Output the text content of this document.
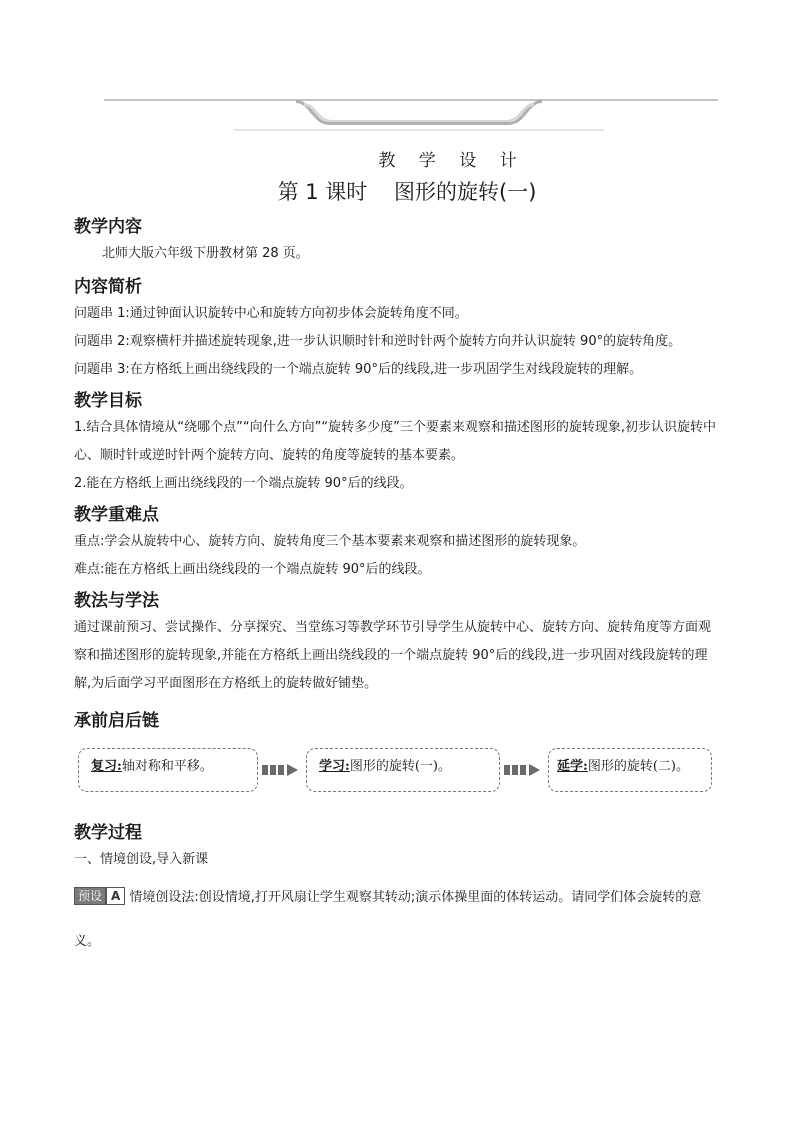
教 学 设 计
第 1 课时    图形的旋转(一)
教学内容

北师大版六年级下册教材第 28 页。

内容简析

问题串 1:通过钟面认识旋转中心和旋转方向初步体会旋转角度不同。

问题串 2:观察横杆并描述旋转现象,进一步认识顺时针和逆时针两个旋转方向并认识旋转 90°的旋转角度。

问题串 3:在方格纸上画出绕线段的一个端点旋转 90°后的线段,进一步巩固学生对线段旋转的理解。

教学目标

1.结合具体情境从“绕哪个点”“向什么方向”“旋转多少度”三个要素来观察和描述图形的旋转现象,初步认识旋转中心、顺时针或逆时针两个旋转方向、旋转的角度等旋转的基本要素。

2.能在方格纸上画出绕线段的一个端点旋转 90°后的线段。

教学重难点

重点:学会从旋转中心、旋转方向、旋转角度三个基本要素来观察和描述图形的旋转现象。

难点:能在方格纸上画出绕线段的一个端点旋转 90°后的线段。

教法与学法

通过课前预习、尝试操作、分享探究、当堂练习等教学环节引导学生从旋转中心、旋转方向、旋转角度等方面观察和描述图形的旋转现象,并能在方格纸上画出绕线段的一个端点旋转 90°后的线段,进一步巩固对线段旋转的理解,为后面学习平面图形在方格纸上的旋转做好铺垫。

承前启后链
复习:轴对称和平移。	学习:图形的旋转(一)。	延学:图形的旋转(二)。
教学过程

一、情境创设,导入新课

预设 A 情境创设法:创设情境,打开风扇让学生观察其转动;演示体操里面的体转运动。请同学们体会旋转的意义。
